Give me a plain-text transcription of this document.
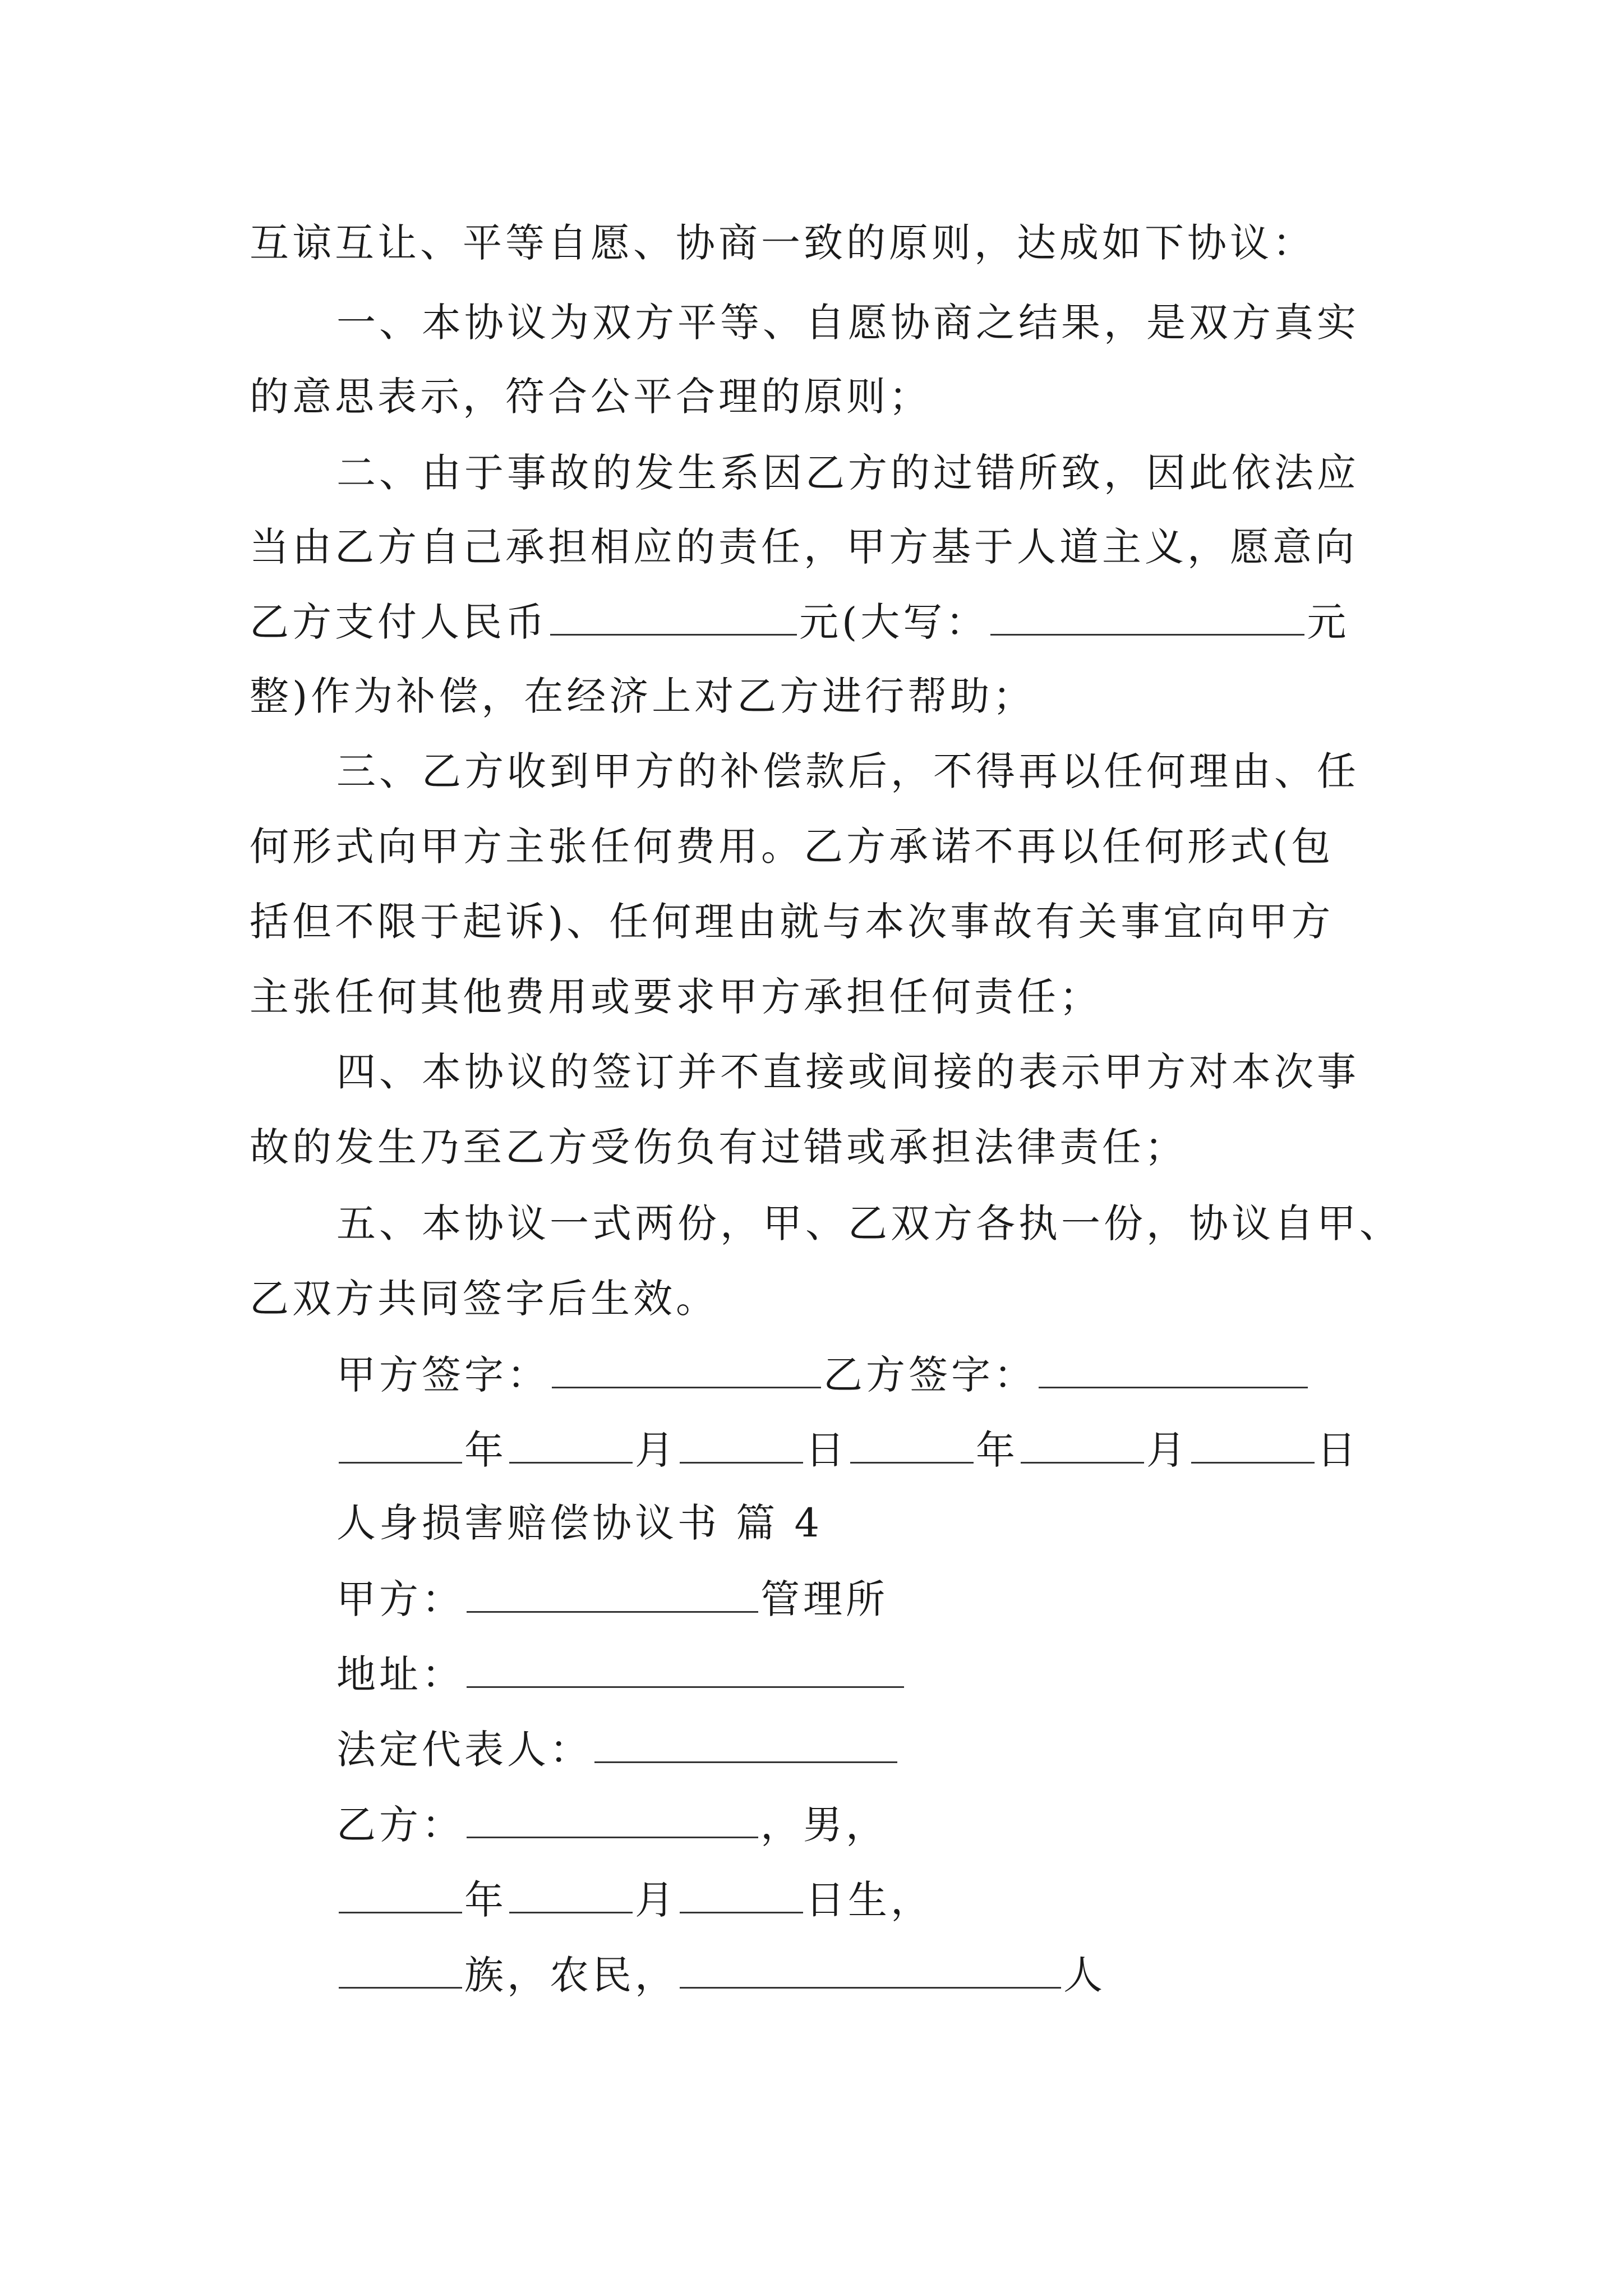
互谅互让、平等自愿、协商一致的原则，达成如下协议：
一、本协议为双方平等、自愿协商之结果，是双方真实
的意思表示，符合公平合理的原则；
二、由于事故的发生系因乙方的过错所致，因此依法应
当由乙方自己承担相应的责任，甲方基于人道主义，愿意向
乙方支付人民币	元(大写：	元
整)作为补偿，在经济上对乙方进行帮助；
三、乙方收到甲方的补偿款后，不得再以任何理由、任
何形式向甲方主张任何费用。乙方承诺不再以任何形式(包
括但不限于起诉)、任何理由就与本次事故有关事宜向甲方
主张任何其他费用或要求甲方承担任何责任；
四、本协议的签订并不直接或间接的表示甲方对本次事
故的发生乃至乙方受伤负有过错或承担法律责任；
五、本协议一式两份，甲、乙双方各执一份，协议自甲、
乙双方共同签字后生效。
甲方签字：	乙方签字：
年	月	日	年	月	日
人身损害赔偿协议书 篇 4
甲方：	管理所
地址：
法定代表人：
乙方：	，男，
年	月	日生，
族，农民，	人
